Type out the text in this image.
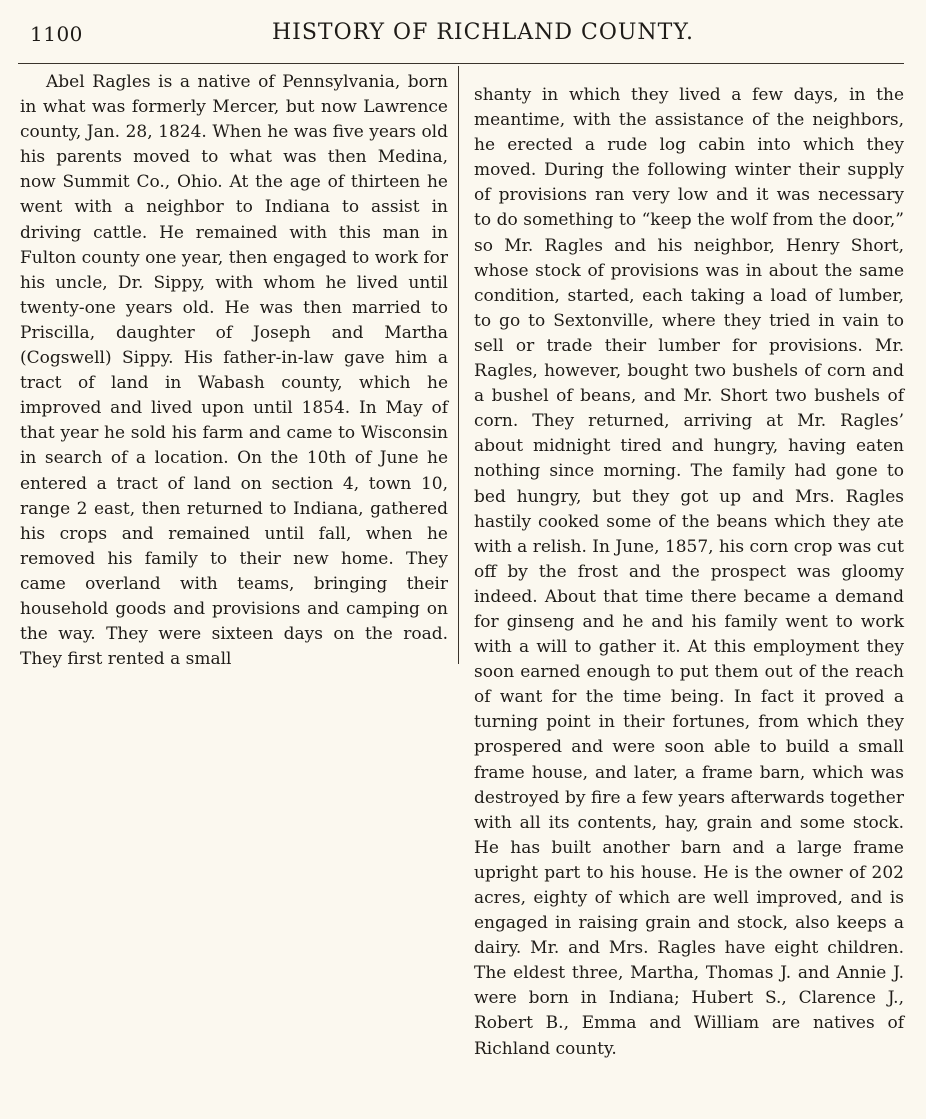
1100	HISTORY OF RICHLAND COUNTY.

Abel Ragles is a native of Pennsylvania, born in what was formerly Mercer, but now Lawrence county, Jan. 28, 1824. When he was five years old his parents moved to what was then Medina, now Summit Co., Ohio. At the age of thirteen he went with a neighbor to Indiana to assist in driving cattle. He remained with this man in Fulton county one year, then engaged to work for his uncle, Dr. Sippy, with whom he lived until twenty-one years old. He was then married to Priscilla, daughter of Joseph and Martha (Cogswell) Sippy. His father-in-law gave him a tract of land in Wabash county, which he improved and lived upon until 1854. In May of that year he sold his farm and came to Wisconsin in search of a location. On the 10th of June he entered a tract of land on section 4, town 10, range 2 east, then returned to Indiana, gathered his crops and remained until fall, when he removed his family to their new home. They came overland with teams, bringing their household goods and provisions and camping on the way. They were sixteen days on the road. They first rented a small

shanty in which they lived a few days, in the meantime, with the assistance of the neighbors, he erected a rude log cabin into which they moved. During the following winter their supply of provisions ran very low and it was necessary to do something to “keep the wolf from the door,” so Mr. Ragles and his neighbor, Henry Short, whose stock of provisions was in about the same condition, started, each taking a load of lumber, to go to Sextonville, where they tried in vain to sell or trade their lumber for provisions. Mr. Ragles, however, bought two bushels of corn and a bushel of beans, and Mr. Short two bushels of corn. They returned, arriving at Mr. Ragles’ about midnight tired and hungry, having eaten nothing since morning. The family had gone to bed hungry, but they got up and Mrs. Ragles hastily cooked some of the beans which they ate with a relish. In June, 1857, his corn crop was cut off by the frost and the prospect was gloomy indeed. About that time there became a demand for ginseng and he and his family went to work with a will to gather it. At this employment they soon earned enough to put them out of the reach of want for the time being. In fact it proved a turning point in their fortunes, from which they prospered and were soon able to build a small frame house, and later, a frame barn, which was destroyed by fire a few years afterwards together with all its contents, hay, grain and some stock. He has built another barn and a large frame upright part to his house. He is the owner of 202 acres, eighty of which are well improved, and is engaged in raising grain and stock, also keeps a dairy. Mr. and Mrs. Ragles have eight children. The eldest three, Martha, Thomas J. and Annie J. were born in Indiana; Hubert S., Clarence J., Robert B., Emma and William are natives of Richland county.
